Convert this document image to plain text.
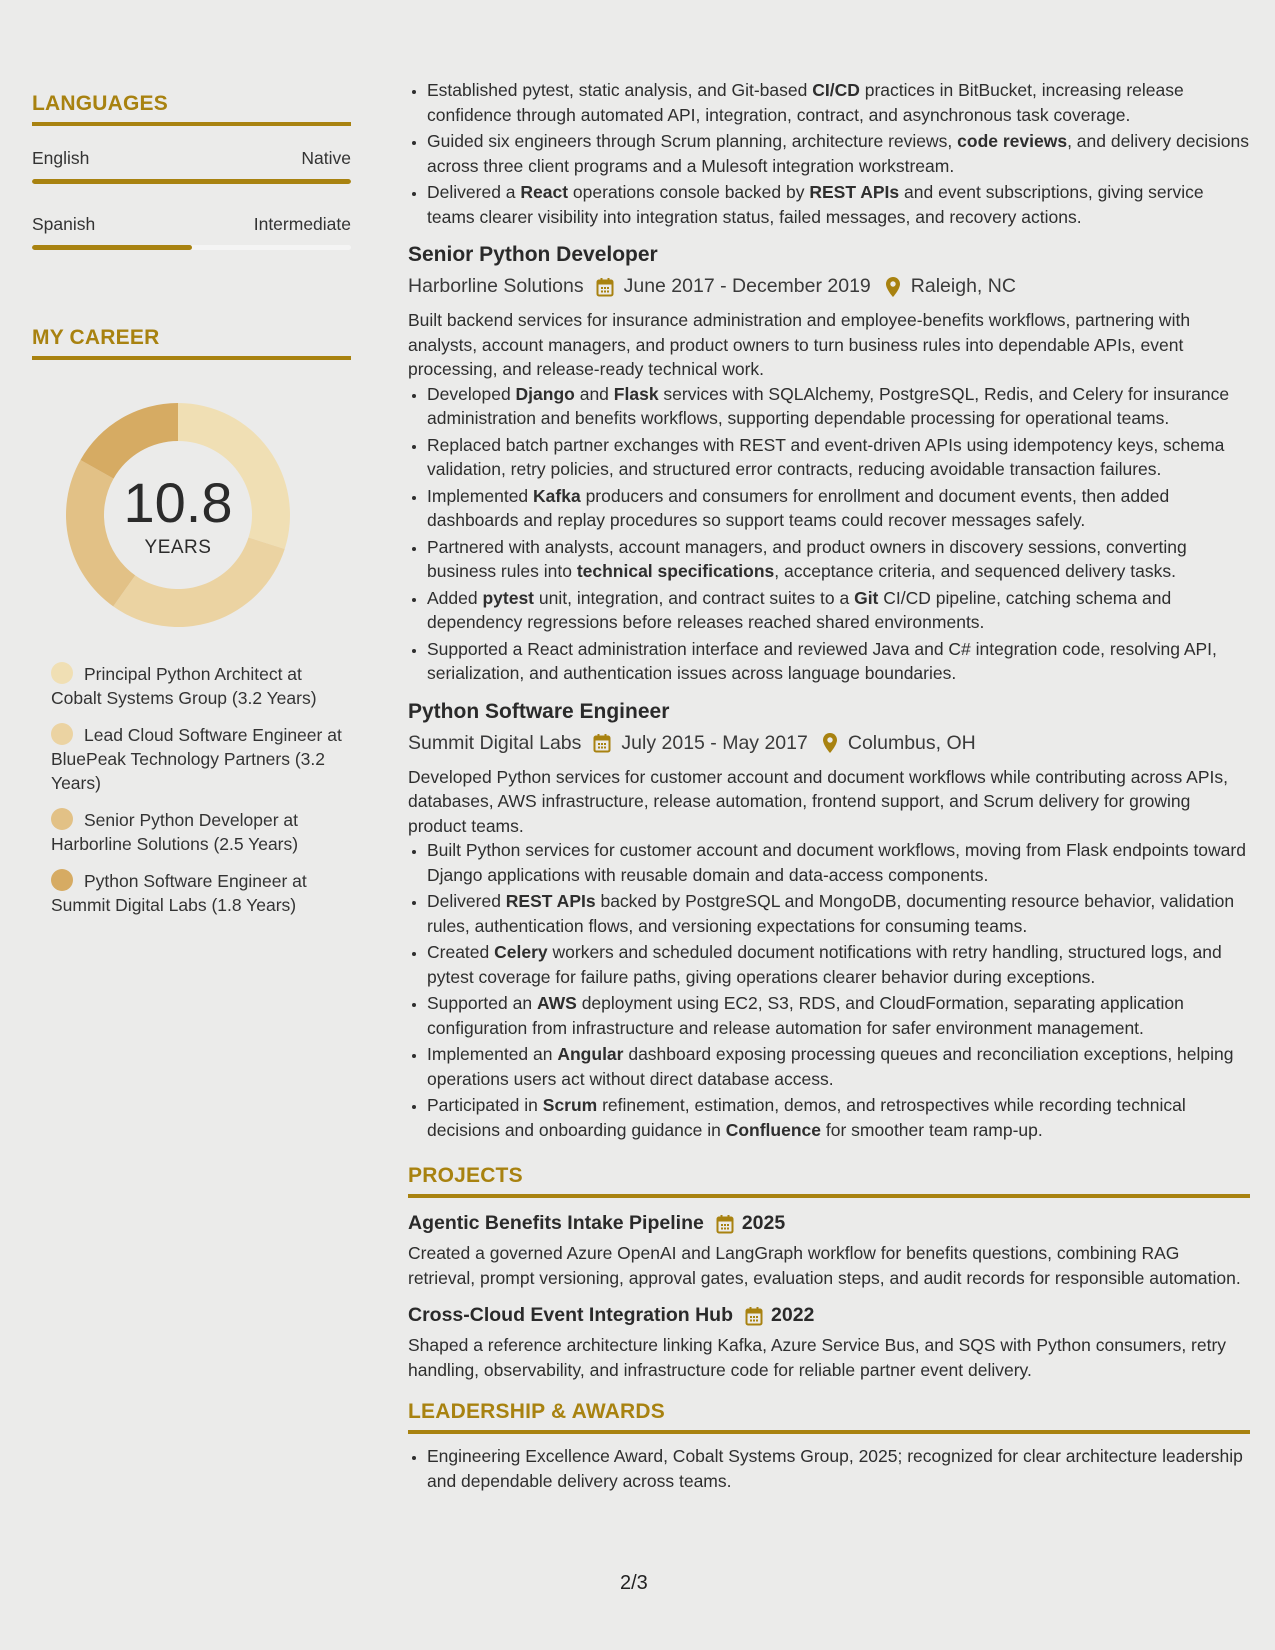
LANGUAGES
English	Native
Spanish	Intermediate
MY CAREER
10.8
YEARS
Principal Python Architect at Cobalt Systems Group (3.2 Years)
Lead Cloud Software Engineer at BluePeak Technology Partners (3.2 Years)
Senior Python Developer at Harborline Solutions (2.5 Years)
Python Software Engineer at Summit Digital Labs (1.8 Years)
• Established pytest, static analysis, and Git-based CI/CD practices in BitBucket, increasing release confidence through automated API, integration, contract, and asynchronous task coverage.
• Guided six engineers through Scrum planning, architecture reviews, code reviews, and delivery decisions across three client programs and a Mulesoft integration workstream.
• Delivered a React operations console backed by REST APIs and event subscriptions, giving service teams clearer visibility into integration status, failed messages, and recovery actions.
Senior Python Developer
Harborline Solutions June 2017 - December 2019 Raleigh, NC
Built backend services for insurance administration and employee-benefits workflows, partnering with analysts, account managers, and product owners to turn business rules into dependable APIs, event processing, and release-ready technical work.
• Developed Django and Flask services with SQLAlchemy, PostgreSQL, Redis, and Celery for insurance administration and benefits workflows, supporting dependable processing for operational teams.
• Replaced batch partner exchanges with REST and event-driven APIs using idempotency keys, schema validation, retry policies, and structured error contracts, reducing avoidable transaction failures.
• Implemented Kafka producers and consumers for enrollment and document events, then added dashboards and replay procedures so support teams could recover messages safely.
• Partnered with analysts, account managers, and product owners in discovery sessions, converting business rules into technical specifications, acceptance criteria, and sequenced delivery tasks.
• Added pytest unit, integration, and contract suites to a Git CI/CD pipeline, catching schema and dependency regressions before releases reached shared environments.
• Supported a React administration interface and reviewed Java and C# integration code, resolving API, serialization, and authentication issues across language boundaries.
Python Software Engineer
Summit Digital Labs July 2015 - May 2017 Columbus, OH
Developed Python services for customer account and document workflows while contributing across APIs, databases, AWS infrastructure, release automation, frontend support, and Scrum delivery for growing product teams.
• Built Python services for customer account and document workflows, moving from Flask endpoints toward Django applications with reusable domain and data-access components.
• Delivered REST APIs backed by PostgreSQL and MongoDB, documenting resource behavior, validation rules, authentication flows, and versioning expectations for consuming teams.
• Created Celery workers and scheduled document notifications with retry handling, structured logs, and pytest coverage for failure paths, giving operations clearer behavior during exceptions.
• Supported an AWS deployment using EC2, S3, RDS, and CloudFormation, separating application configuration from infrastructure and release automation for safer environment management.
• Implemented an Angular dashboard exposing processing queues and reconciliation exceptions, helping operations users act without direct database access.
• Participated in Scrum refinement, estimation, demos, and retrospectives while recording technical decisions and onboarding guidance in Confluence for smoother team ramp-up.
PROJECTS
Agentic Benefits Intake Pipeline 2025
Created a governed Azure OpenAI and LangGraph workflow for benefits questions, combining RAG retrieval, prompt versioning, approval gates, evaluation steps, and audit records for responsible automation.
Cross-Cloud Event Integration Hub 2022
Shaped a reference architecture linking Kafka, Azure Service Bus, and SQS with Python consumers, retry handling, observability, and infrastructure code for reliable partner event delivery.
LEADERSHIP & AWARDS
• Engineering Excellence Award, Cobalt Systems Group, 2025; recognized for clear architecture leadership and dependable delivery across teams.
2/3
